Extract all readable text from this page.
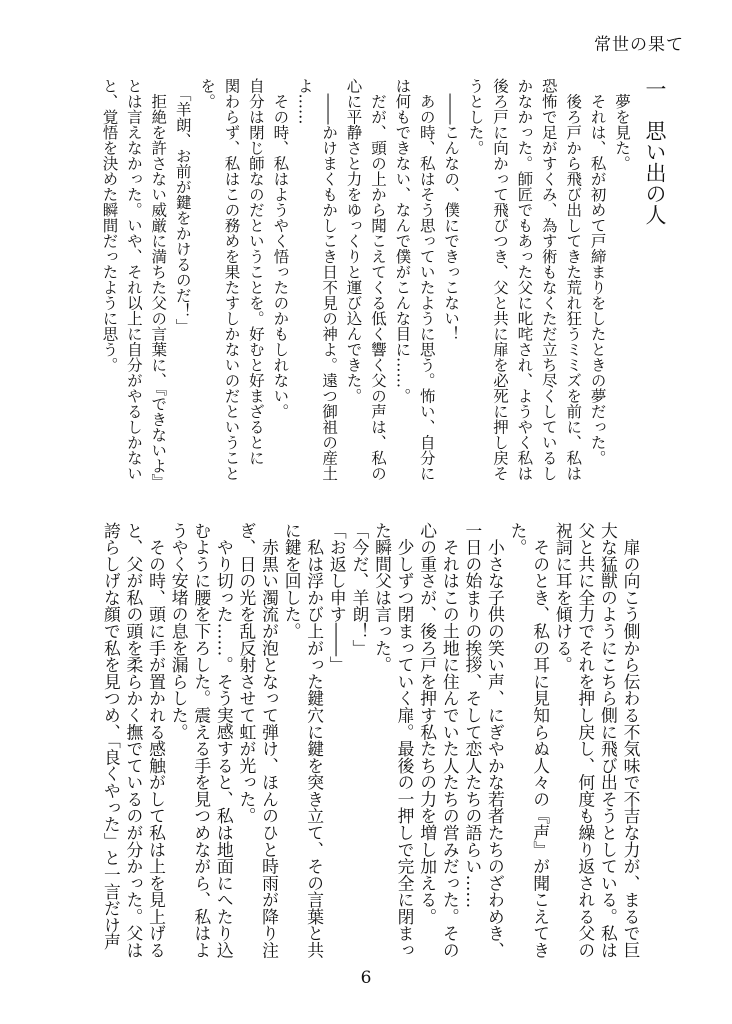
常世の果て
一　思い出の人
　夢を見た。
　それは、私が初めて戸締まりをしたときの夢だった。
　後ろ戸から飛び出してきた荒れ狂うミミズを前に、私は
恐怖で足がすくみ、為す術もなくただ立ち尽くしているし
かなかった。師匠でもあった父に叱咤され、ようやく私は
後ろ戸に向かって飛びつき、父と共に扉を必死に押し戻そ
うとした。
　――こんなの、僕にできっこない！
　あの時、私はそう思っていたように思う。怖い、自分に
は何もできない、なんで僕がこんな目に……。
　だが、頭の上から聞こえてくる低く響く父の声は、私の
心に平静さと力をゆっくりと運び込んできた。
　――かけまくもかしこき日不見の神よ。遠つ御祖の産土
よ……
　その時、私はようやく悟ったのかもしれない。
自分は閉じ師なのだということを。好むと好まざるとに
関わらず、私はこの務めを果たすしかないのだということ
を。
　「羊朗、お前が鍵をかけるのだ！」
　拒絶を許さない威厳に満ちた父の言葉に、『できないよ』
とは言えなかった。いや、それ以上に自分がやるしかない
と、覚悟を決めた瞬間だったように思う。
　扉の向こう側から伝わる不気味で不吉な力が、まるで巨
大な猛獣のようにこちら側に飛び出そうとしている。私は
父と共に全力でそれを押し戻し、何度も繰り返される父の
祝詞に耳を傾ける。
　そのとき、私の耳に見知らぬ人々の『声』が聞こえてき
た。
　小さな子供の笑い声、にぎやかな若者たちのざわめき、
一日の始まりの挨拶、そして恋人たちの語らい……
　それはこの土地に住んでいた人たちの営みだった。その
心の重さが、後ろ戸を押す私たちの力を増し加える。
　少しずつ閉まっていく扉。最後の一押しで完全に閉まっ
た瞬間父は言った。
「今だ、羊朗！」
「お返し申す――」
　私は浮かび上がった鍵穴に鍵を突き立て、その言葉と共
に鍵を回した。
　赤黒い濁流が泡となって弾け、ほんのひと時雨が降り注
ぎ、日の光を乱反射させて虹が光った。
　やり切った……。そう実感すると、私は地面にへたり込
むように腰を下ろした。震える手を見つめながら、私はよ
うやく安堵の息を漏らした。
　その時、頭に手が置かれる感触がして私は上を見上げる
と、父が私の頭を柔らかく撫でているのが分かった。父は
誇らしげな顔で私を見つめ、「良くやった」と一言だけ声
6
